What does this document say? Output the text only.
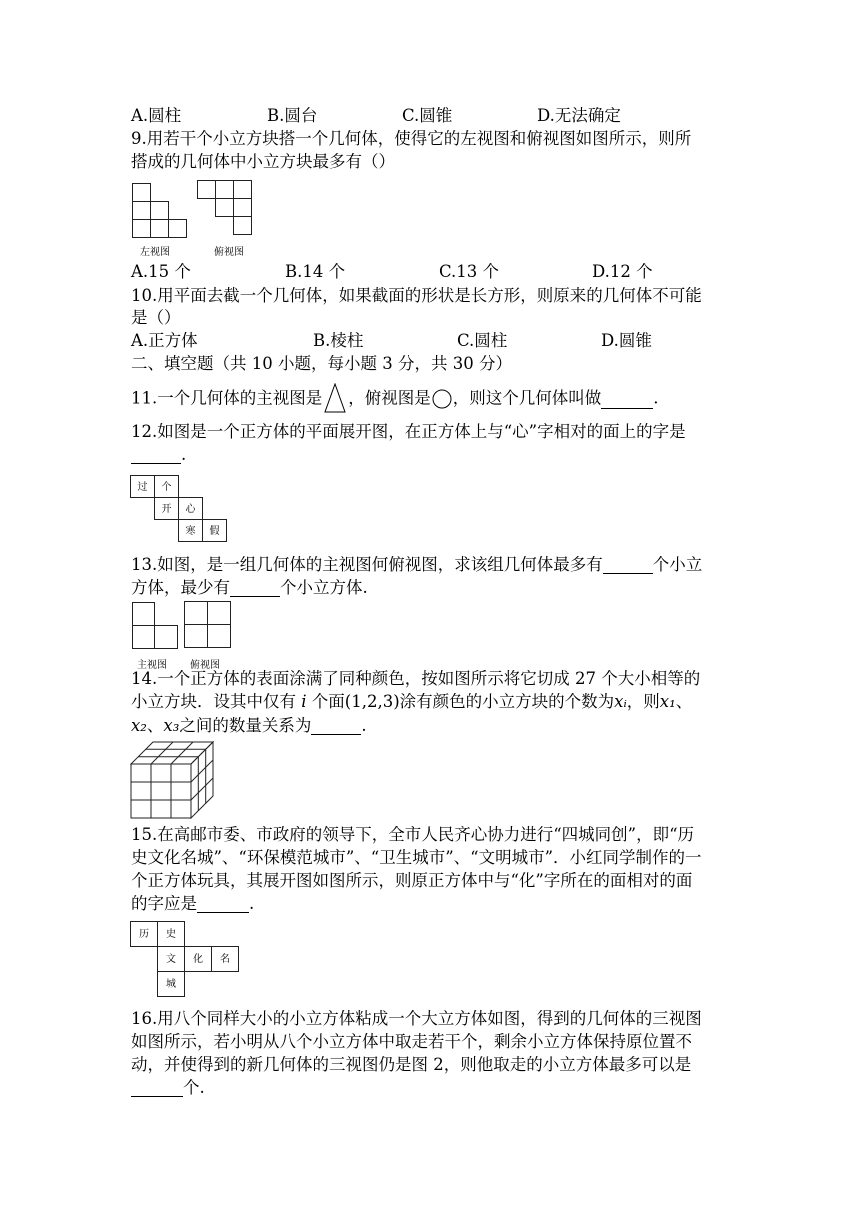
A.圆柱	B.圆台	C.圆锥	D.无法确定
9.用若干个小立方块搭一个几何体，使得它的左视图和俯视图如图所示，则所
搭成的几何体中小立方块最多有（）
左视图	俯视图
A.15 个	B.14 个	C.13 个	D.12 个
10.用平面去截一个几何体，如果截面的形状是长方形，则原来的几何体不可能
是（）
A.正方体	B.棱柱	C.圆柱	D.圆锥
二、填空题（共 10 小题，每小题 3 分，共 30 分）
11.一个几何体的主视图是 ，俯视图是 ，则这个几何体叫做	.
12.如图是一个正方体的平面展开图，在正方体上与“心”字相对的面上的字是
.
过	个
开	心
寒	假
13.如图，是一组几何体的主视图何俯视图，求该组几何体最多有	个小立
方体，最少有	个小立方体.
主视图 俯视图
14.一个正方体的表面涂满了同种颜色，按如图所示将它切成 27 个大小相等的
小立方块．设其中仅有 i 个面(1,2,3)涂有颜色的小立方块的个数为xᵢ，则x₁、
x₂、x₃之间的数量关系为	.
15.在高邮市委、市政府的领导下，全市人民齐心协力进行“四城同创”，即“历
史文化名城”、“环保模范城市”、“卫生城市”、“文明城市”．小红同学制作的一
个正方体玩具，其展开图如图所示，则原正方体中与“化”字所在的面相对的面
的字应是	.
历	史
文	化	名
城
16.用八个同样大小的小立方体粘成一个大立方体如图，得到的几何体的三视图
如图所示，若小明从八个小立方体中取走若干个，剩余小立方体保持原位置不
动，并使得到的新几何体的三视图仍是图 2，则他取走的小立方体最多可以是
个.
